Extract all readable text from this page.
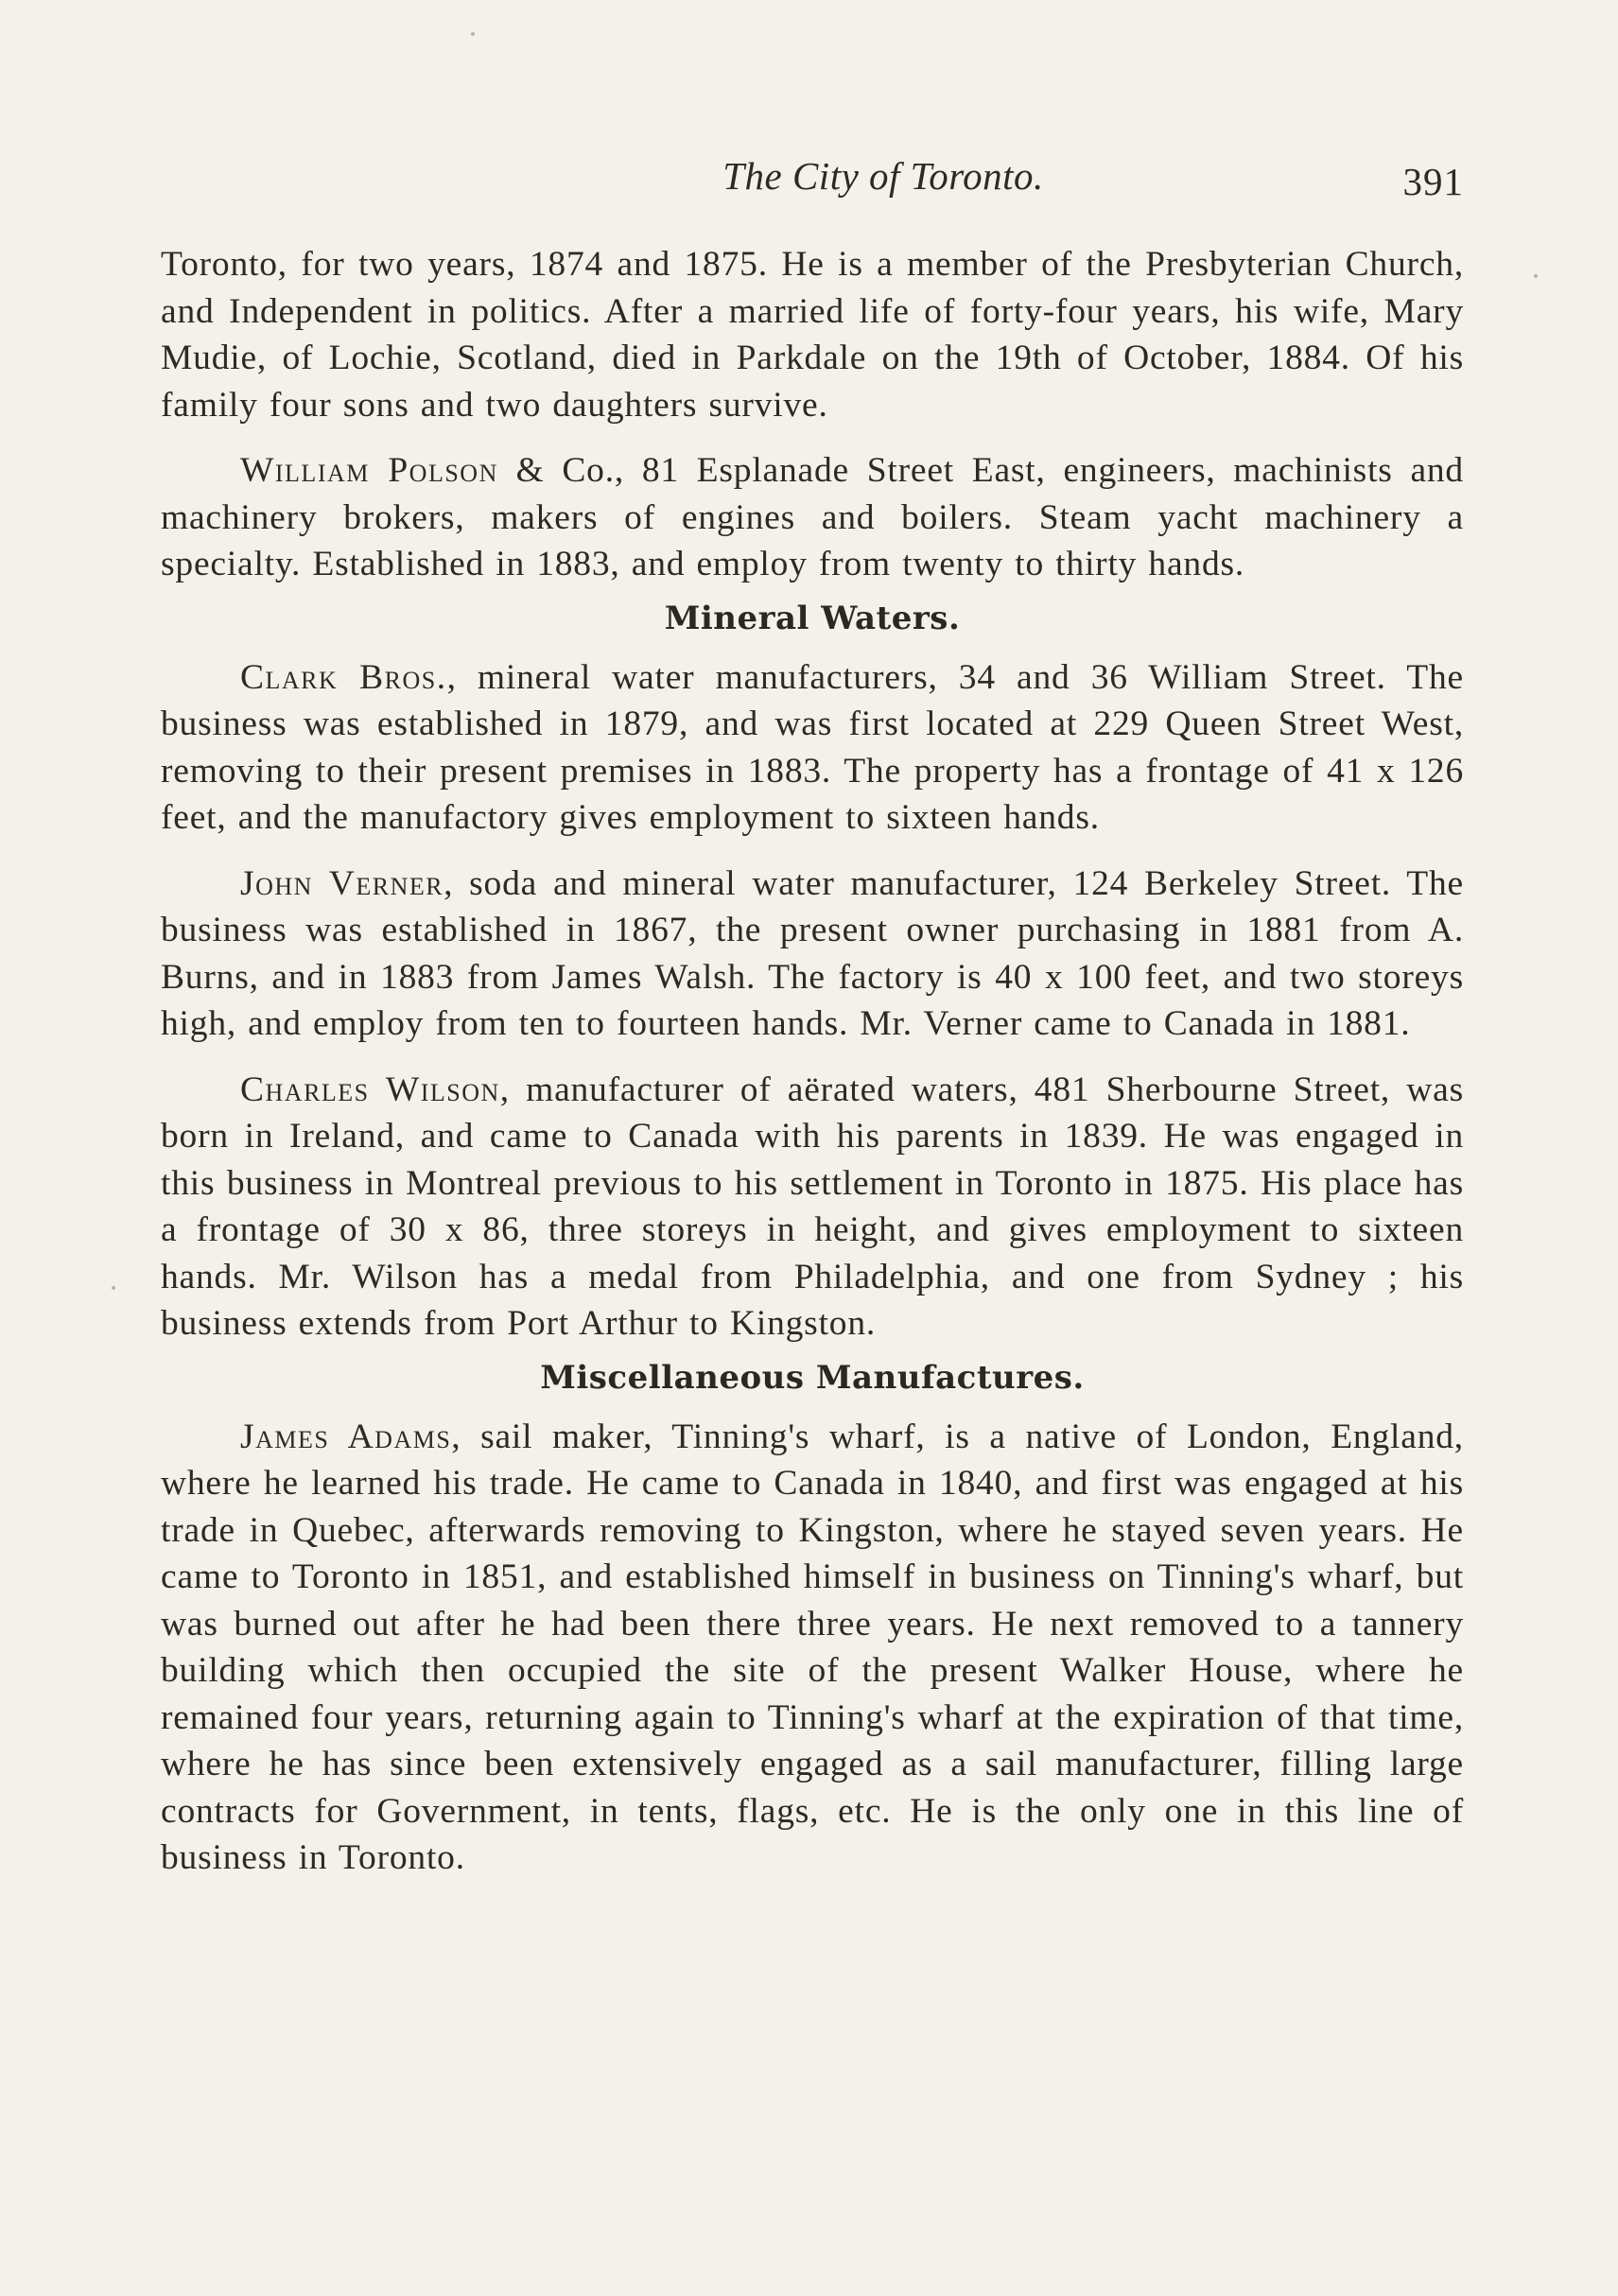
The City of Toronto.	391

Toronto, for two years, 1874 and 1875. He is a member of the Presbyterian Church, and Independent in politics. After a married life of forty-four years, his wife, Mary Mudie, of Lochie, Scotland, died in Parkdale on the 19th of October, 1884. Of his family four sons and two daughters survive.

William Polson & Co., 81 Esplanade Street East, engineers, machinists and machinery brokers, makers of engines and boilers. Steam yacht machinery a specialty. Established in 1883, and employ from twenty to thirty hands.

Mineral Waters.

Clark Bros., mineral water manufacturers, 34 and 36 William Street. The business was established in 1879, and was first located at 229 Queen Street West, removing to their present premises in 1883. The property has a frontage of 41 x 126 feet, and the manufactory gives employment to sixteen hands.

John Verner, soda and mineral water manufacturer, 124 Berkeley Street. The business was established in 1867, the present owner purchasing in 1881 from A. Burns, and in 1883 from James Walsh. The factory is 40 x 100 feet, and two storeys high, and employ from ten to fourteen hands. Mr. Verner came to Canada in 1881.

Charles Wilson, manufacturer of aërated waters, 481 Sherbourne Street, was born in Ireland, and came to Canada with his parents in 1839. He was engaged in this business in Montreal previous to his settlement in Toronto in 1875. His place has a frontage of 30 x 86, three storeys in height, and gives employment to sixteen hands. Mr. Wilson has a medal from Philadelphia, and one from Sydney ; his business extends from Port Arthur to Kingston.

Miscellaneous Manufactures.

James Adams, sail maker, Tinning's wharf, is a native of London, England, where he learned his trade. He came to Canada in 1840, and first was engaged at his trade in Quebec, afterwards removing to Kingston, where he stayed seven years. He came to Toronto in 1851, and established himself in business on Tinning's wharf, but was burned out after he had been there three years. He next removed to a tannery building which then occupied the site of the present Walker House, where he remained four years, returning again to Tinning's wharf at the expiration of that time, where he has since been extensively engaged as a sail manufacturer, filling large contracts for Government, in tents, flags, etc. He is the only one in this line of business in Toronto.
